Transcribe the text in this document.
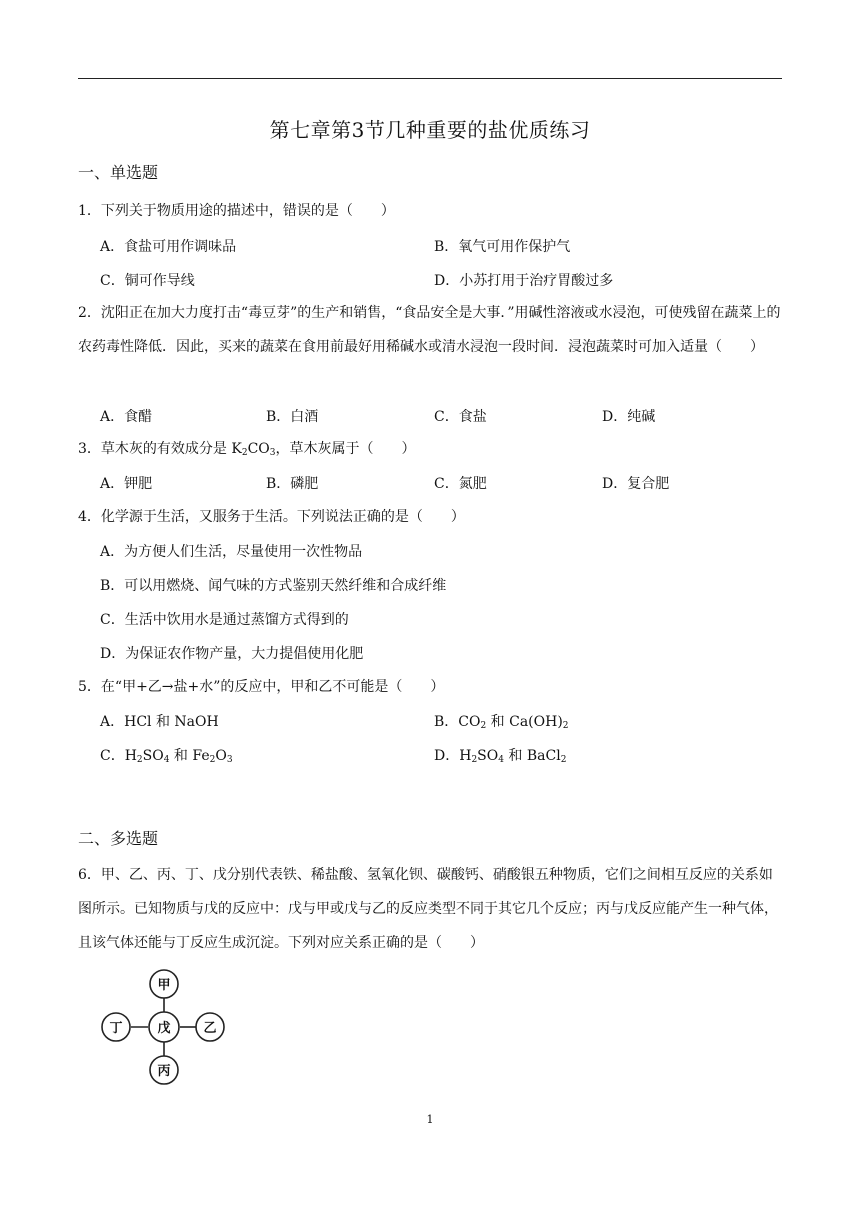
第七章第3节几种重要的盐优质练习
一、单选题
1．下列关于物质用途的描述中，错误的是（　　）
A．食盐可用作调味品	B．氧气可用作保护气
C．铜可作导线	D．小苏打用于治疗胃酸过多
2．沈阳正在加大力度打击“毒豆芽”的生产和销售，“食品安全是大事．”用碱性溶液或水浸泡，可使残留在蔬菜上的农药毒性降低．因此，买来的蔬菜在食用前最好用稀碱水或清水浸泡一段时间．浸泡蔬菜时可加入适量（　　）
A．食醋	B．白酒	C．食盐	D．纯碱
3．草木灰的有效成分是 $K_2CO_3$，草木灰属于（　　）
A．钾肥	B．磷肥	C．氮肥	D．复合肥
4．化学源于生活，又服务于生活。下列说法正确的是（　　）
A．为方便人们生活，尽量使用一次性物品
B．可以用燃烧、闻气味的方式鉴别天然纤维和合成纤维
C．生活中饮用水是通过蒸馏方式得到的
D．为保证农作物产量，大力提倡使用化肥
5．在“甲+乙→盐+水”的反应中，甲和乙不可能是（　　）
A．HCl 和 NaOH	B．$CO_2$ 和 $Ca(OH)_2$
C．$H_2SO_4$ 和 $Fe_2O_3$	D．$H_2SO_4$ 和 BaCl$_2$
二、多选题
6．甲、乙、丙、丁、戊分别代表铁、稀盐酸、氢氧化钡、碳酸钙、硝酸银五种物质，它们之间相互反应的关系如图所示。已知物质与戊的反应中：戊与甲或戊与乙的反应类型不同于其它几个反应；丙与戊反应能产生一种气体，且该气体还能与丁反应生成沉淀。下列对应关系正确的是（　　）
甲
丁	戊	乙
丙
1
